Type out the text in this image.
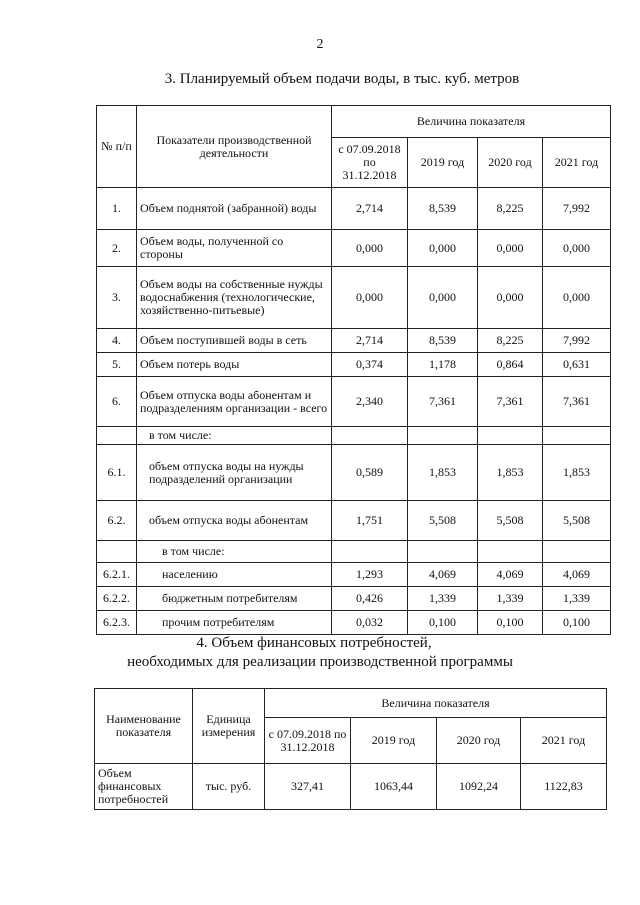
2
3. Планируемый объем подачи воды, в тыс. куб. метров
№ п/п	Показатели производственной деятельности	Величина показателя			
		с 07.09.2018 по 31.12.2018	2019 год	2020 год	2021 год
1.	Объем поднятой (забранной) воды	2,714	8,539	8,225	7,992
2.	Объем воды, полученной со стороны	0,000	0,000	0,000	0,000
3.	Объем воды на собственные нужды водоснабжения (технологические, хозяйственно-питьевые)	0,000	0,000	0,000	0,000
4.	Объем поступившей воды в сеть	2,714	8,539	8,225	7,992
5.	Объем потерь воды	0,374	1,178	0,864	0,631
6.	Объем отпуска воды абонентам и подразделениям организации - всего	2,340	7,361	7,361	7,361
	в том числе:				
6.1.	объем отпуска воды на нужды подразделений организации	0,589	1,853	1,853	1,853
6.2.	объем отпуска воды абонентам	1,751	5,508	5,508	5,508
	в том числе:				
6.2.1.	населению	1,293	4,069	4,069	4,069
6.2.2.	бюджетным потребителям	0,426	1,339	1,339	1,339
6.2.3.	прочим потребителям	0,032	0,100	0,100	0,100
4. Объем финансовых потребностей,
необходимых для реализации производственной программы
Наименование показателя	Единица измерения	Величина показателя			
		с 07.09.2018 по 31.12.2018	2019 год	2020 год	2021 год
Объем финансовых потребностей	тыс. руб.	327,41	1063,44	1092,24	1122,83
